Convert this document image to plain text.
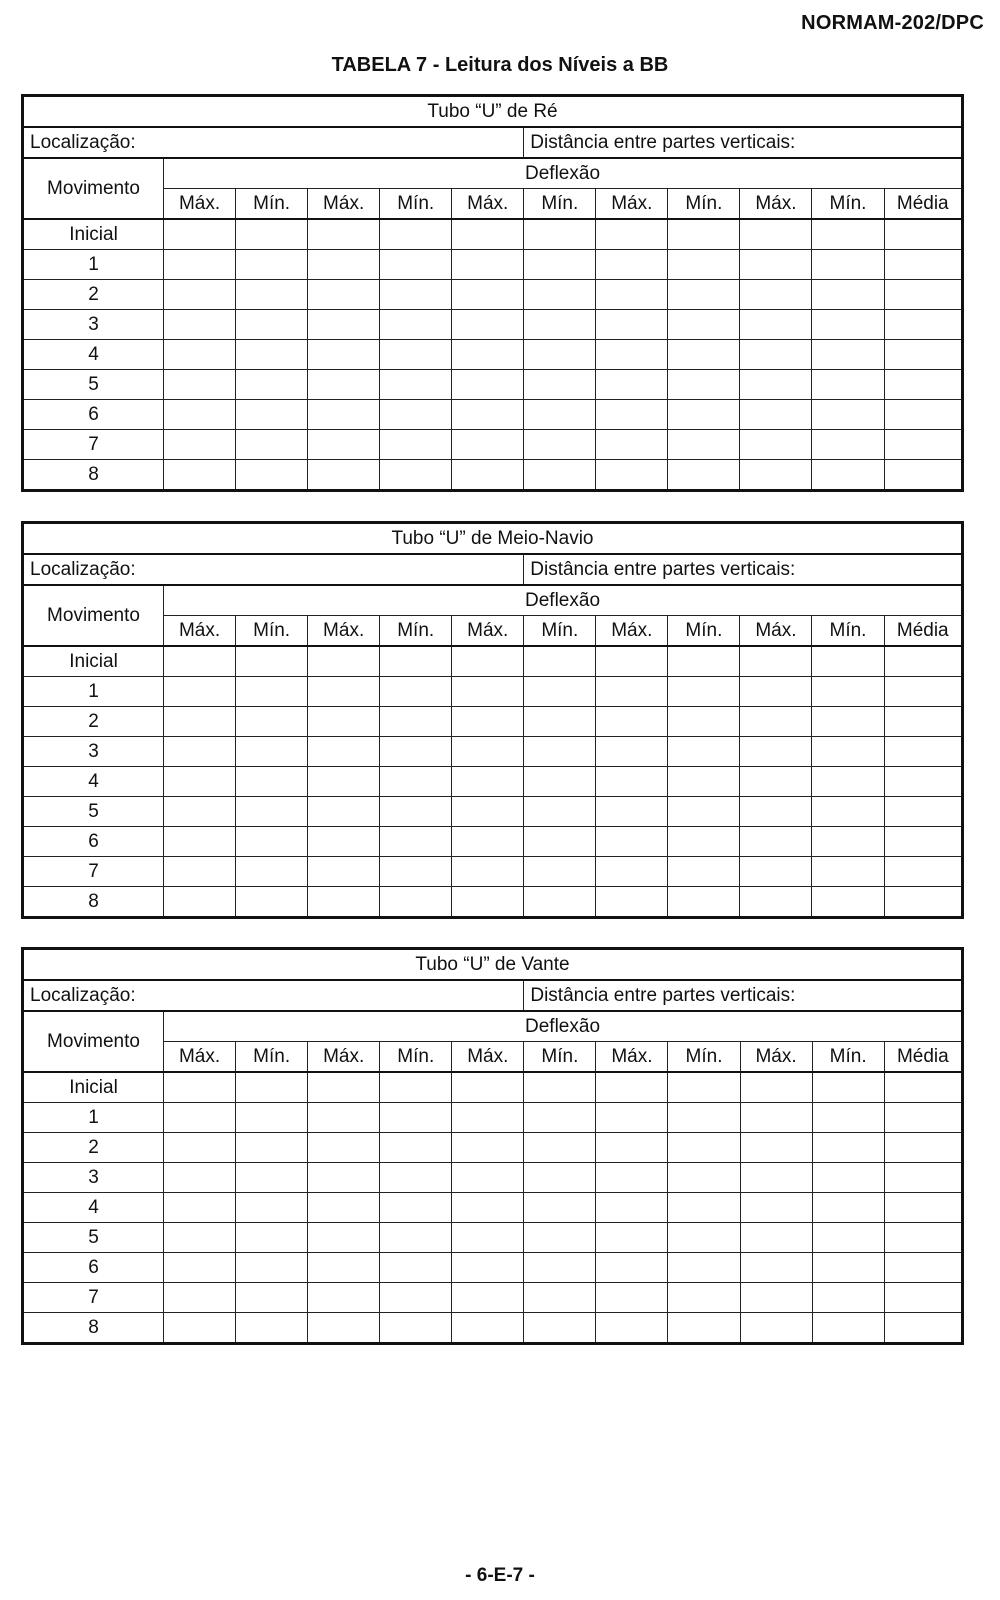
NORMAM-202/DPC
TABELA 7 - Leitura dos Níveis a BB
Tubo “U” de Ré											
Localização:						Distância entre partes verticais:					
Movimento	Deflexão										
	Máx.	Mín.	Máx.	Mín.	Máx.	Mín.	Máx.	Mín.	Máx.	Mín.	Média
Inicial											
1											
2											
3											
4											
5											
6											
7											
8											
Tubo “U” de Meio-Navio											
Localização:						Distância entre partes verticais:					
Movimento	Deflexão										
	Máx.	Mín.	Máx.	Mín.	Máx.	Mín.	Máx.	Mín.	Máx.	Mín.	Média
Inicial											
1											
2											
3											
4											
5											
6											
7											
8											
Tubo “U” de Vante											
Localização:						Distância entre partes verticais:					
Movimento	Deflexão										
	Máx.	Mín.	Máx.	Mín.	Máx.	Mín.	Máx.	Mín.	Máx.	Mín.	Média
Inicial											
1											
2											
3											
4											
5											
6											
7											
8											
- 6-E-7 -
